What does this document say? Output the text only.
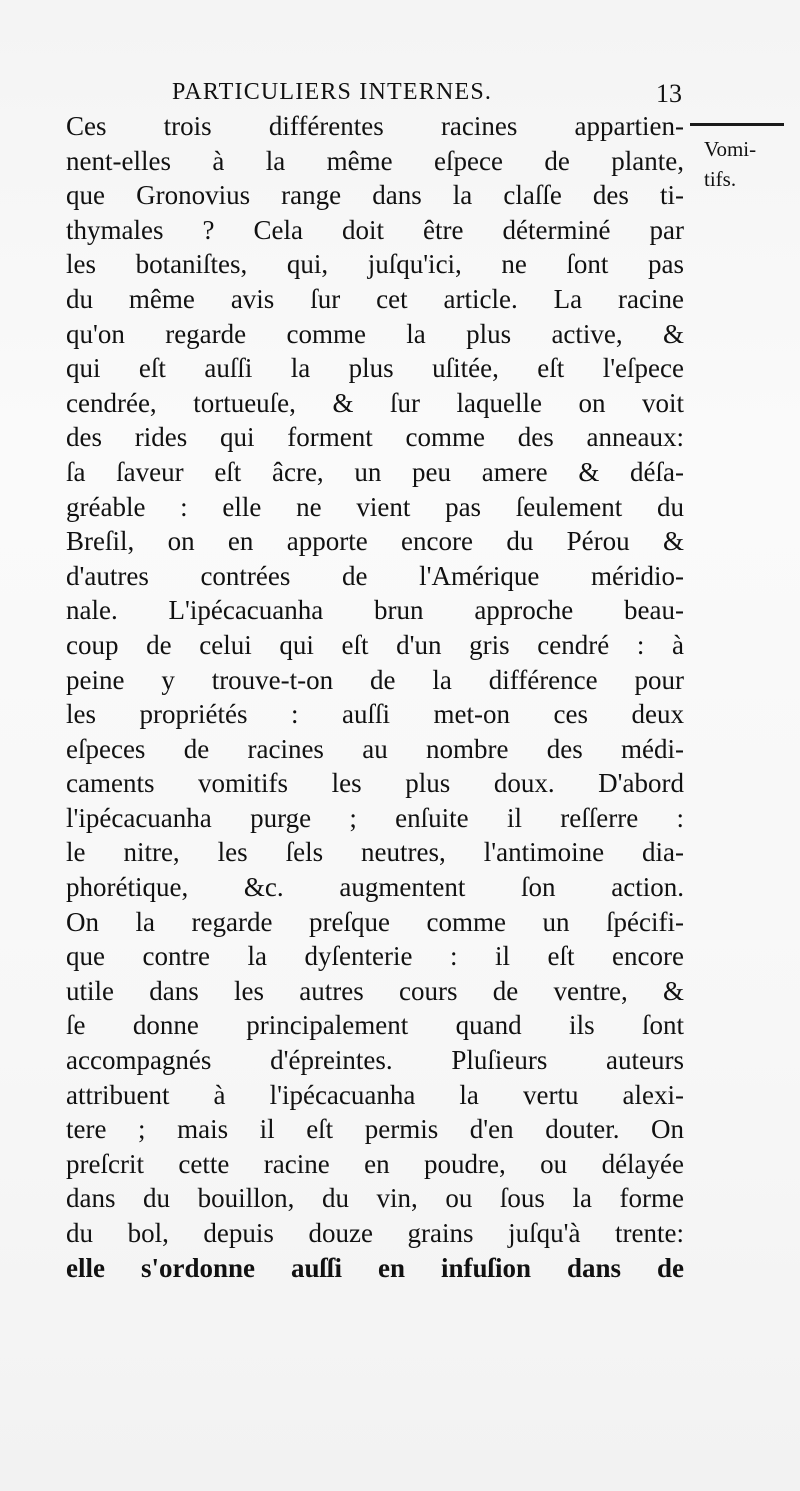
PARTICULIERS INTERNES.	13
Vomi-
tifs.
Ces trois différentes racines appartien-
nent-elles à la même eſpece de plante,
que Gronovius range dans la claſſe des ti-
thymales ? Cela doit être déterminé par
les botaniſtes, qui, juſqu'ici, ne ſont pas
du même avis ſur cet article. La racine
qu'on regarde comme la plus active, &
qui eſt auſſi la plus uſitée, eſt l'eſpece
cendrée, tortueuſe, & ſur laquelle on voit
des rides qui forment comme des anneaux:
ſa ſaveur eſt âcre, un peu amere & déſa-
gréable : elle ne vient pas ſeulement du
Breſil, on en apporte encore du Pérou &
d'autres contrées de l'Amérique méridio-
nale. L'ipécacuanha brun approche beau-
coup de celui qui eſt d'un gris cendré : à
peine y trouve-t-on de la différence pour
les propriétés : auſſi met-on ces deux
eſpeces de racines au nombre des médi-
caments vomitifs les plus doux. D'abord
l'ipécacuanha purge ; enſuite il reſſerre :
le nitre, les ſels neutres, l'antimoine dia-
phorétique, &c. augmentent ſon action.
On la regarde preſque comme un ſpécifi-
que contre la dyſenterie : il eſt encore
utile dans les autres cours de ventre, &
ſe donne principalement quand ils ſont
accompagnés d'épreintes. Pluſieurs auteurs
attribuent à l'ipécacuanha la vertu alexi-
tere ; mais il eſt permis d'en douter. On
preſcrit cette racine en poudre, ou délayée
dans du bouillon, du vin, ou ſous la forme
du bol, depuis douze grains juſqu'à trente:
elle s'ordonne auſſi en infuſion dans de
